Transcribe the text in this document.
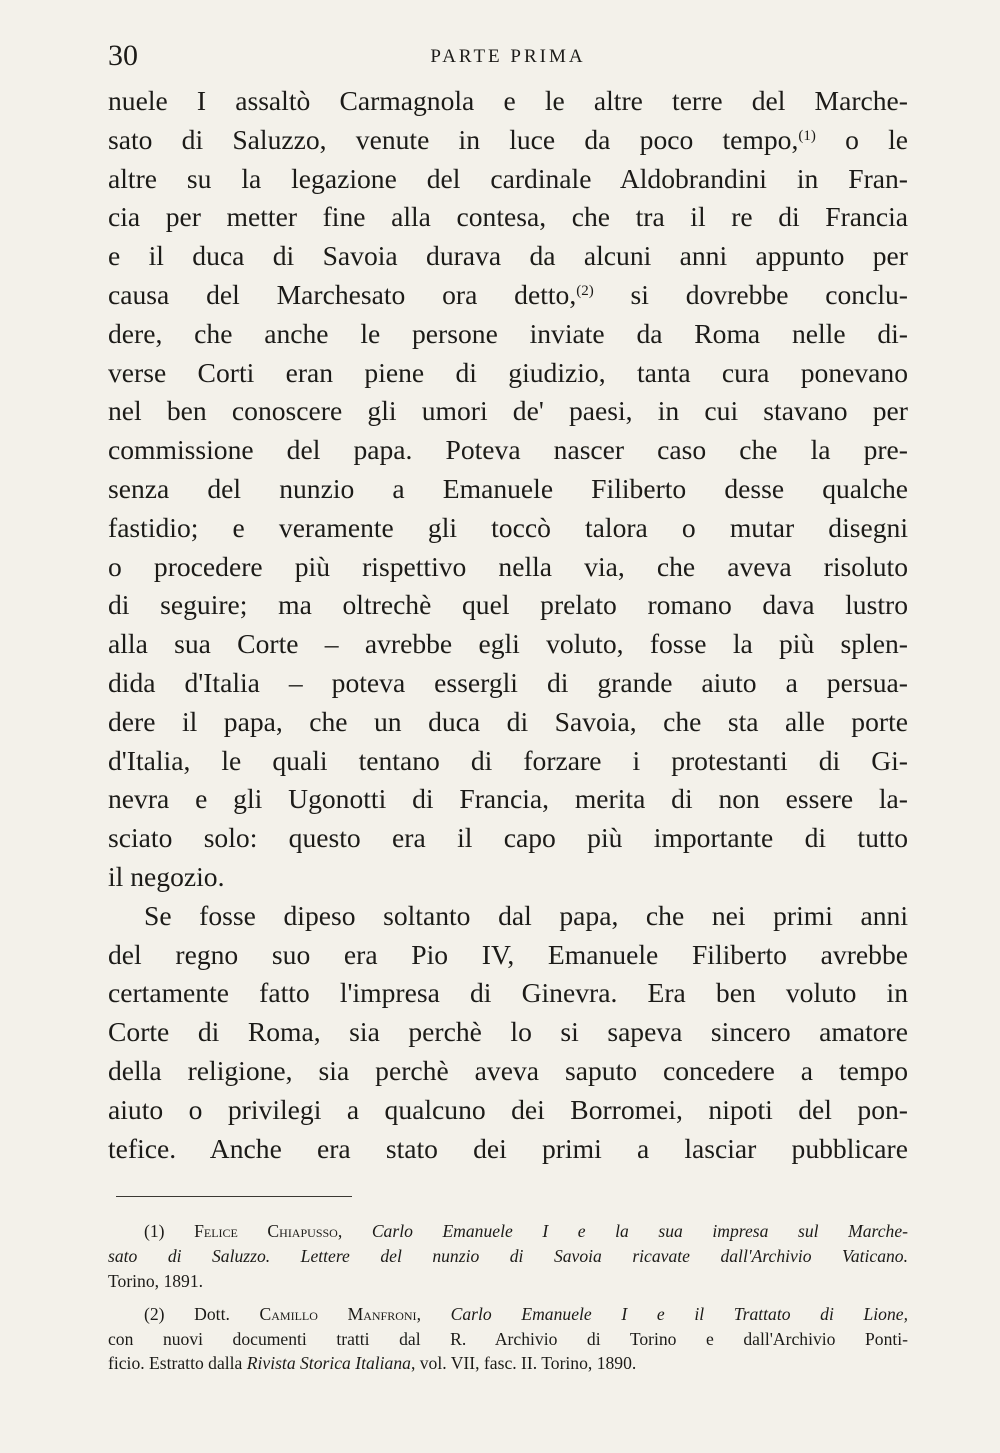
30	PARTE PRIMA
nuele I assaltò Carmagnola e le altre terre del Marche-
sato di Saluzzo, venute in luce da poco tempo,$^{(1)}$ o le
altre su la legazione del cardinale Aldobrandini in Fran-
cia per metter fine alla contesa, che tra il re di Francia
e il duca di Savoia durava da alcuni anni appunto per
causa del Marchesato ora detto,$^{(2)}$ si dovrebbe conclu-
dere, che anche le persone inviate da Roma nelle di-
verse Corti eran piene di giudizio, tanta cura ponevano
nel ben conoscere gli umori de' paesi, in cui stavano per
commissione del papa. Poteva nascer caso che la pre-
senza del nunzio a Emanuele Filiberto desse qualche
fastidio; e veramente gli toccò talora o mutar disegni
o procedere più rispettivo nella via, che aveva risoluto
di seguire; ma oltrechè quel prelato romano dava lustro
alla sua Corte – avrebbe egli voluto, fosse la più splen-
dida d'Italia – poteva essergli di grande aiuto a persua-
dere il papa, che un duca di Savoia, che sta alle porte
d'Italia, le quali tentano di forzare i protestanti di Gi-
nevra e gli Ugonotti di Francia, merita di non essere la-
sciato solo: questo era il capo più importante di tutto
il negozio.
Se fosse dipeso soltanto dal papa, che nei primi anni
del regno suo era Pio IV, Emanuele Filiberto avrebbe
certamente fatto l'impresa di Ginevra. Era ben voluto in
Corte di Roma, sia perchè lo si sapeva sincero amatore
della religione, sia perchè aveva saputo concedere a tempo
aiuto o privilegi a qualcuno dei Borromei, nipoti del pon-
tefice. Anche era stato dei primi a lasciar pubblicare
(1) Felice Chiapusso, Carlo Emanuele I e la sua impresa sul Marche-
sato di Saluzzo. Lettere del nunzio di Savoia ricavate dall'Archivio Vaticano.
Torino, 1891.
(2) Dott. Camillo Manfroni, Carlo Emanuele I e il Trattato di Lione,
con nuovi documenti tratti dal R. Archivio di Torino e dall'Archivio Ponti-
ficio. Estratto dalla Rivista Storica Italiana, vol. VII, fasc. II. Torino, 1890.
